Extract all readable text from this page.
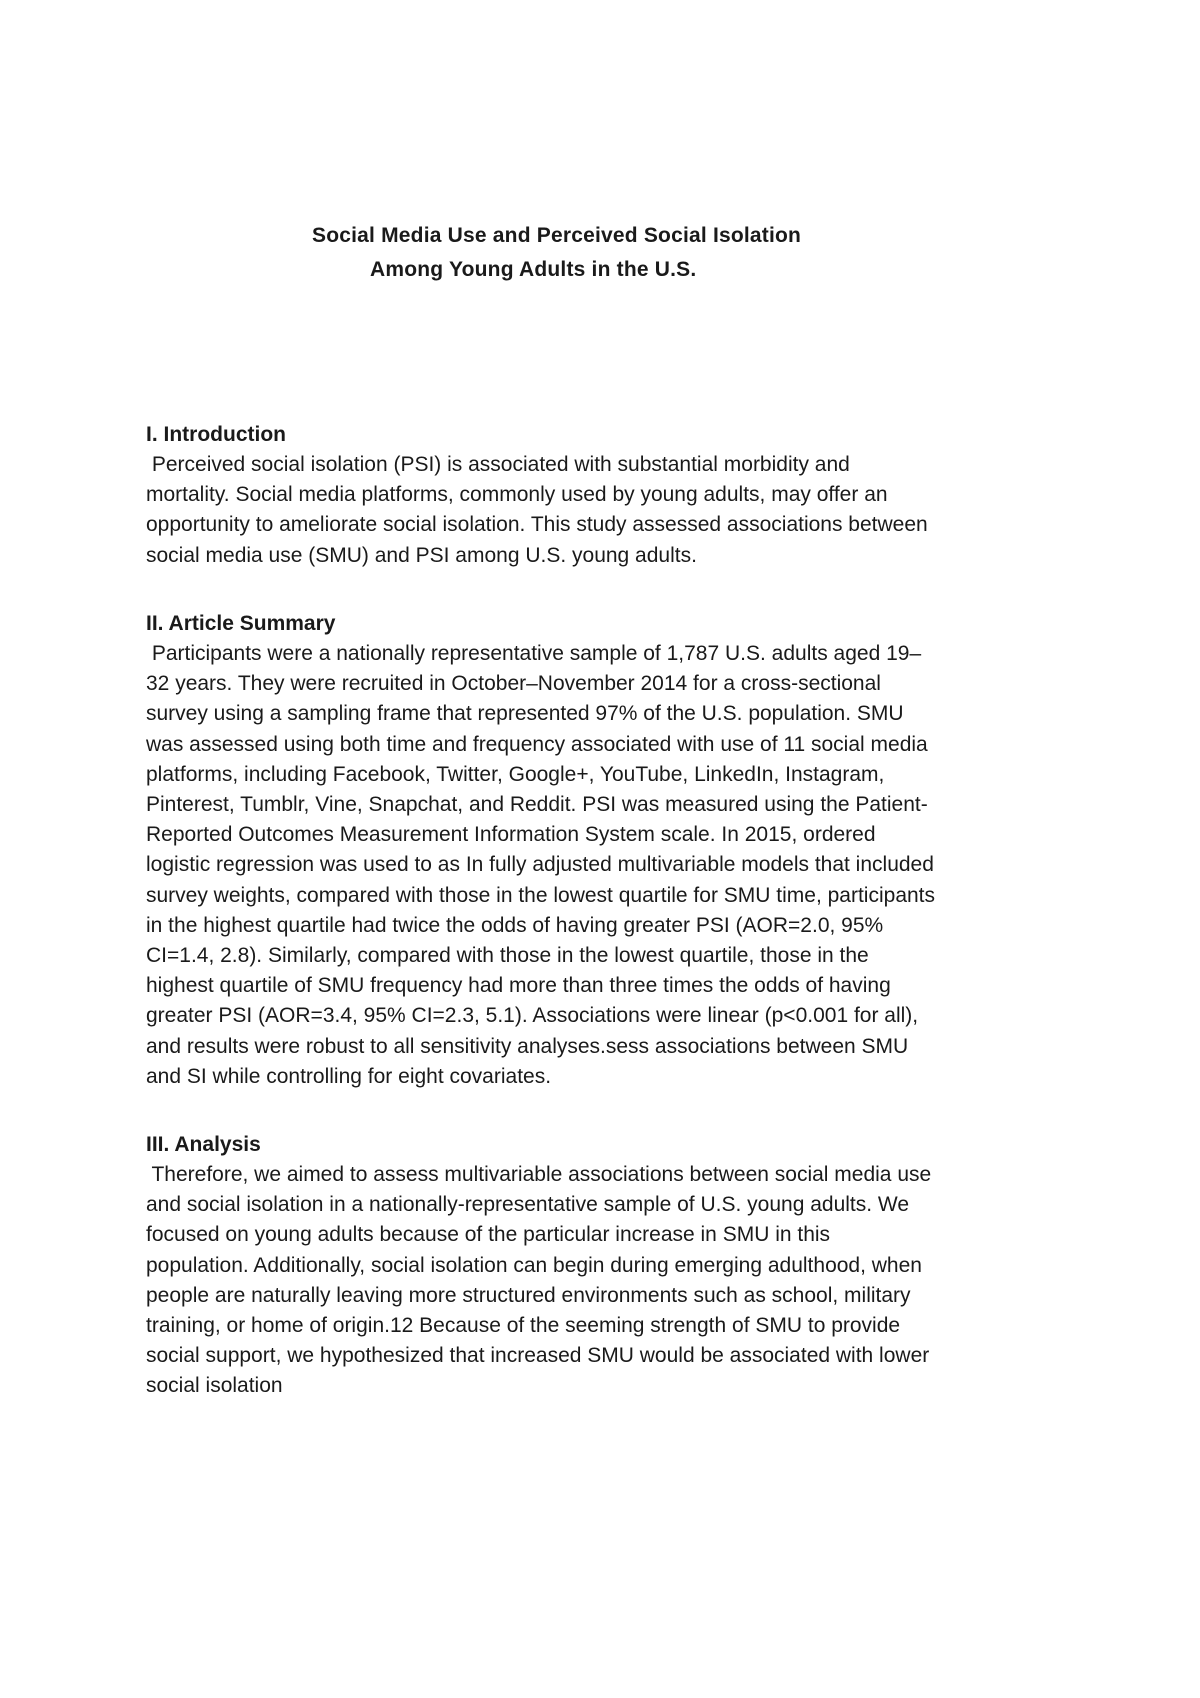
Social Media Use and Perceived Social Isolation
Among Young Adults in the U.S.

I. Introduction

Perceived social isolation (PSI) is associated with substantial morbidity and

mortality. Social media platforms, commonly used by young adults, may offer an

opportunity to ameliorate social isolation. This study assessed associations between

social media use (SMU) and PSI among U.S. young adults.

II. Article Summary

Participants were a nationally representative sample of 1,787 U.S. adults aged 19–

32 years. They were recruited in October–November 2014 for a cross-sectional

survey using a sampling frame that represented 97% of the U.S. population. SMU

was assessed using both time and frequency associated with use of 11 social media

platforms, including Facebook, Twitter, Google+, YouTube, LinkedIn, Instagram,

Pinterest, Tumblr, Vine, Snapchat, and Reddit. PSI was measured using the Patient-

Reported Outcomes Measurement Information System scale. In 2015, ordered

logistic regression was used to as In fully adjusted multivariable models that included

survey weights, compared with those in the lowest quartile for SMU time, participants

in the highest quartile had twice the odds of having greater PSI (AOR=2.0, 95%

CI=1.4, 2.8). Similarly, compared with those in the lowest quartile, those in the

highest quartile of SMU frequency had more than three times the odds of having

greater PSI (AOR=3.4, 95% CI=2.3, 5.1). Associations were linear (p<0.001 for all),

and results were robust to all sensitivity analyses.sess associations between SMU

and SI while controlling for eight covariates.

III. Analysis

Therefore, we aimed to assess multivariable associations between social media use

and social isolation in a nationally-representative sample of U.S. young adults. We

focused on young adults because of the particular increase in SMU in this

population. Additionally, social isolation can begin during emerging adulthood, when

people are naturally leaving more structured environments such as school, military

training, or home of origin.12 Because of the seeming strength of SMU to provide

social support, we hypothesized that increased SMU would be associated with lower

social isolation
